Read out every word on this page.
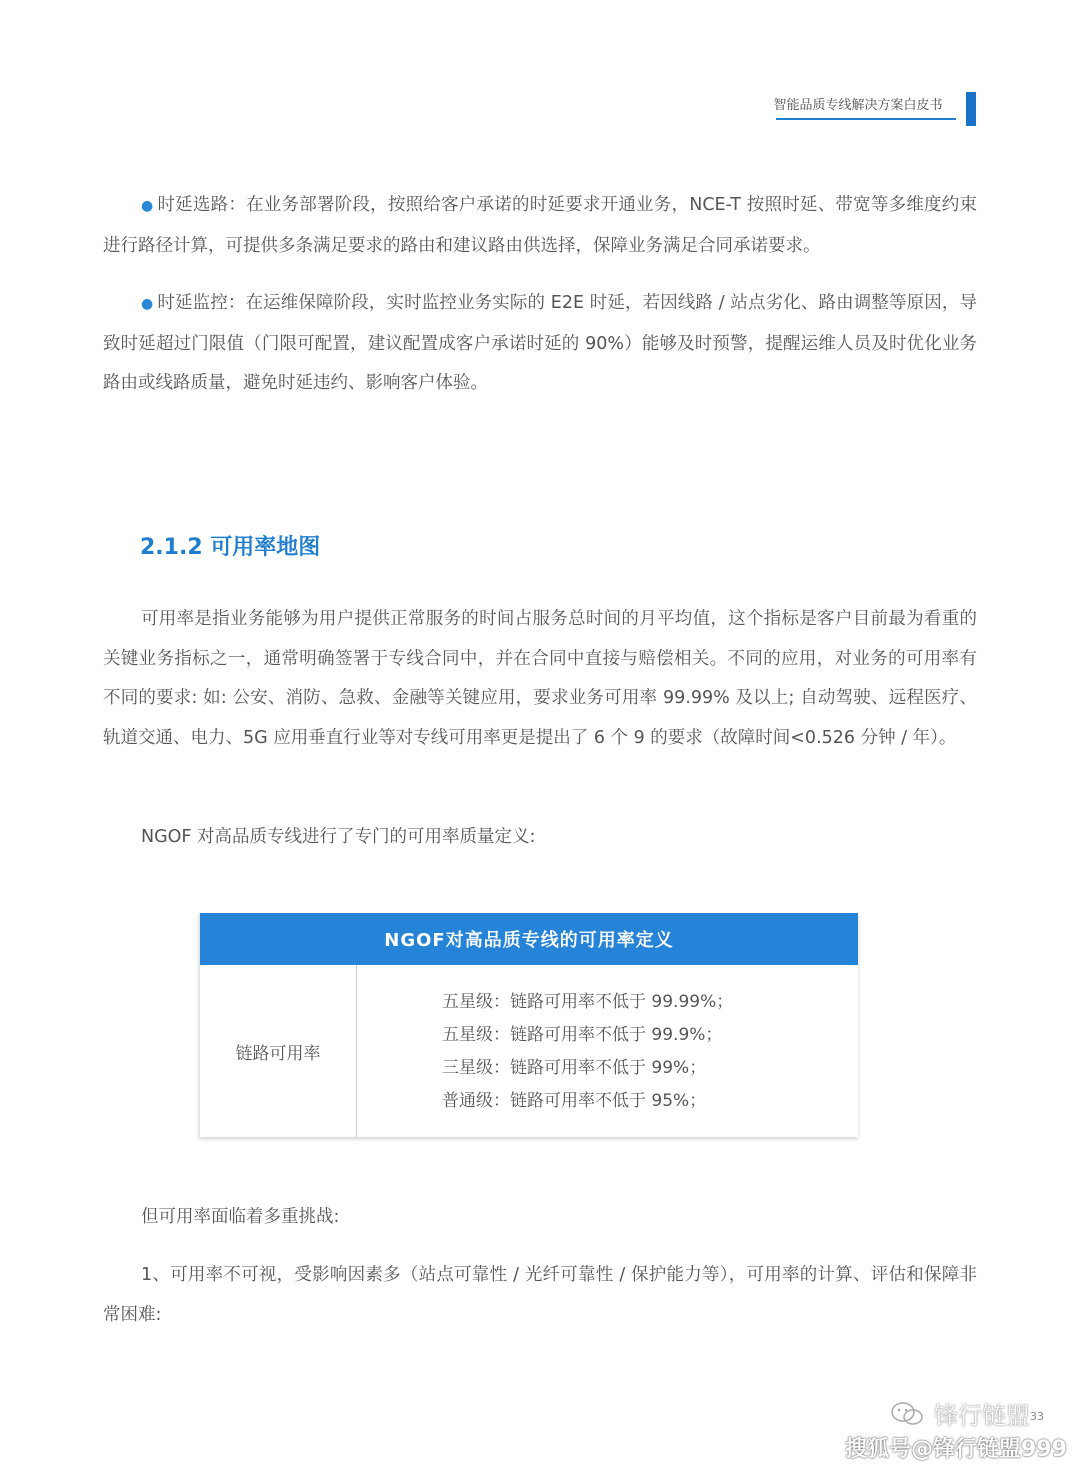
智能品质专线解决方案白皮书

● 时延选路：在业务部署阶段，按照给客户承诺的时延要求开通业务，NCE-T 按照时延、带宽等多维度约束进行路径计算，可提供多条满足要求的路由和建议路由供选择，保障业务满足合同承诺要求。

● 时延监控：在运维保障阶段，实时监控业务实际的 E2E 时延，若因线路 / 站点劣化、路由调整等原因，导致时延超过门限值（门限可配置，建议配置成客户承诺时延的 90%）能够及时预警，提醒运维人员及时优化业务路由或线路质量，避免时延违约、影响客户体验。

2.1.2 可用率地图

可用率是指业务能够为用户提供正常服务的时间占服务总时间的月平均值，这个指标是客户目前最为看重的关键业务指标之一，通常明确签署于专线合同中，并在合同中直接与赔偿相关。不同的应用，对业务的可用率有不同的要求: 如: 公安、消防、急救、金融等关键应用，要求业务可用率 99.99% 及以上; 自动驾驶、远程医疗、轨道交通、电力、5G 应用垂直行业等对专线可用率更是提出了 6 个 9 的要求（故障时间<0.526 分钟 / 年）。

NGOF 对高品质专线进行了专门的可用率质量定义:

NGOF对高品质专线的可用率定义
链路可用率
五星级：链路可用率不低于 99.99%；
五星级：链路可用率不低于 99.9%；
三星级：链路可用率不低于 99%；
普通级：链路可用率不低于 95%；

但可用率面临着多重挑战:

1、可用率不可视，受影响因素多（站点可靠性 / 光纤可靠性 / 保护能力等），可用率的计算、评估和保障非常困难:

锋行链盟 33
搜狐号@锋行链盟999
